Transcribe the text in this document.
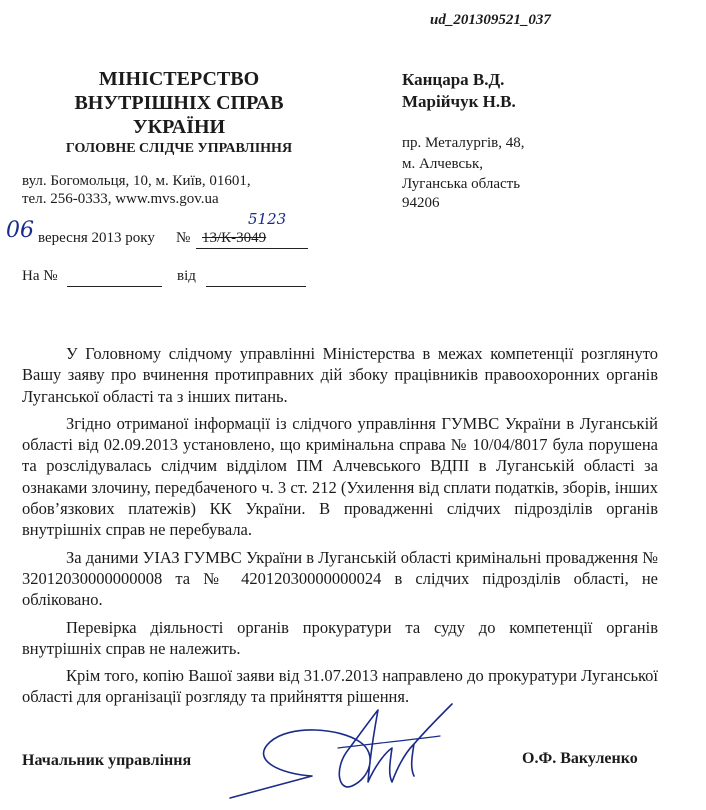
ud_201309521_037
МІНІСТЕРСТВО
ВНУТРІШНІХ СПРАВ
УКРАЇНИ
ГОЛОВНЕ СЛІДЧЕ УПРАВЛІННЯ
вул. Богомольця, 10, м. Київ, 01601,
тел. 256-0333, www.mvs.gov.ua
Канцара В.Д.
Марійчук Н.В.
пр. Металургів, 48,
м. Алчевськ,
Луганська область
94206
06 вересня 2013 року № 13/К-3049
5123
На №	від

У Головному слідчому управлінні Міністерства в межах компетенції розглянуто Вашу заяву про вчинення протиправних дій збоку працівників правоохоронних органів Луганської області та з інших питань.

Згідно отриманої інформації із слідчого управління ГУМВС України в Луганській області від 02.09.2013 установлено, що кримінальна справа № 10/04/8017 була порушена та розслідувалась слідчим відділом ПМ Алчевського ВДПІ в Луганській області за ознаками злочину, передбаченого ч. 3 ст. 212 (Ухилення від сплати податків, зборів, інших обов’язкових платежів) КК України. В провадженні слідчих підрозділів органів внутрішніх справ не перебувала.

За даними УІАЗ ГУМВС України в Луганській області кримінальні провадження № 32012030000000008 та № 42012030000000024 в слідчих підрозділів області, не обліковано.

Перевірка діяльності органів прокуратури та суду до компетенції органів внутрішніх справ не належить.

Крім того, копію Вашої заяви від 31.07.2013 направлено до прокуратури Луганської області для організації розгляду та прийняття рішення.

Начальник управління	О.Ф. Вакуленко
